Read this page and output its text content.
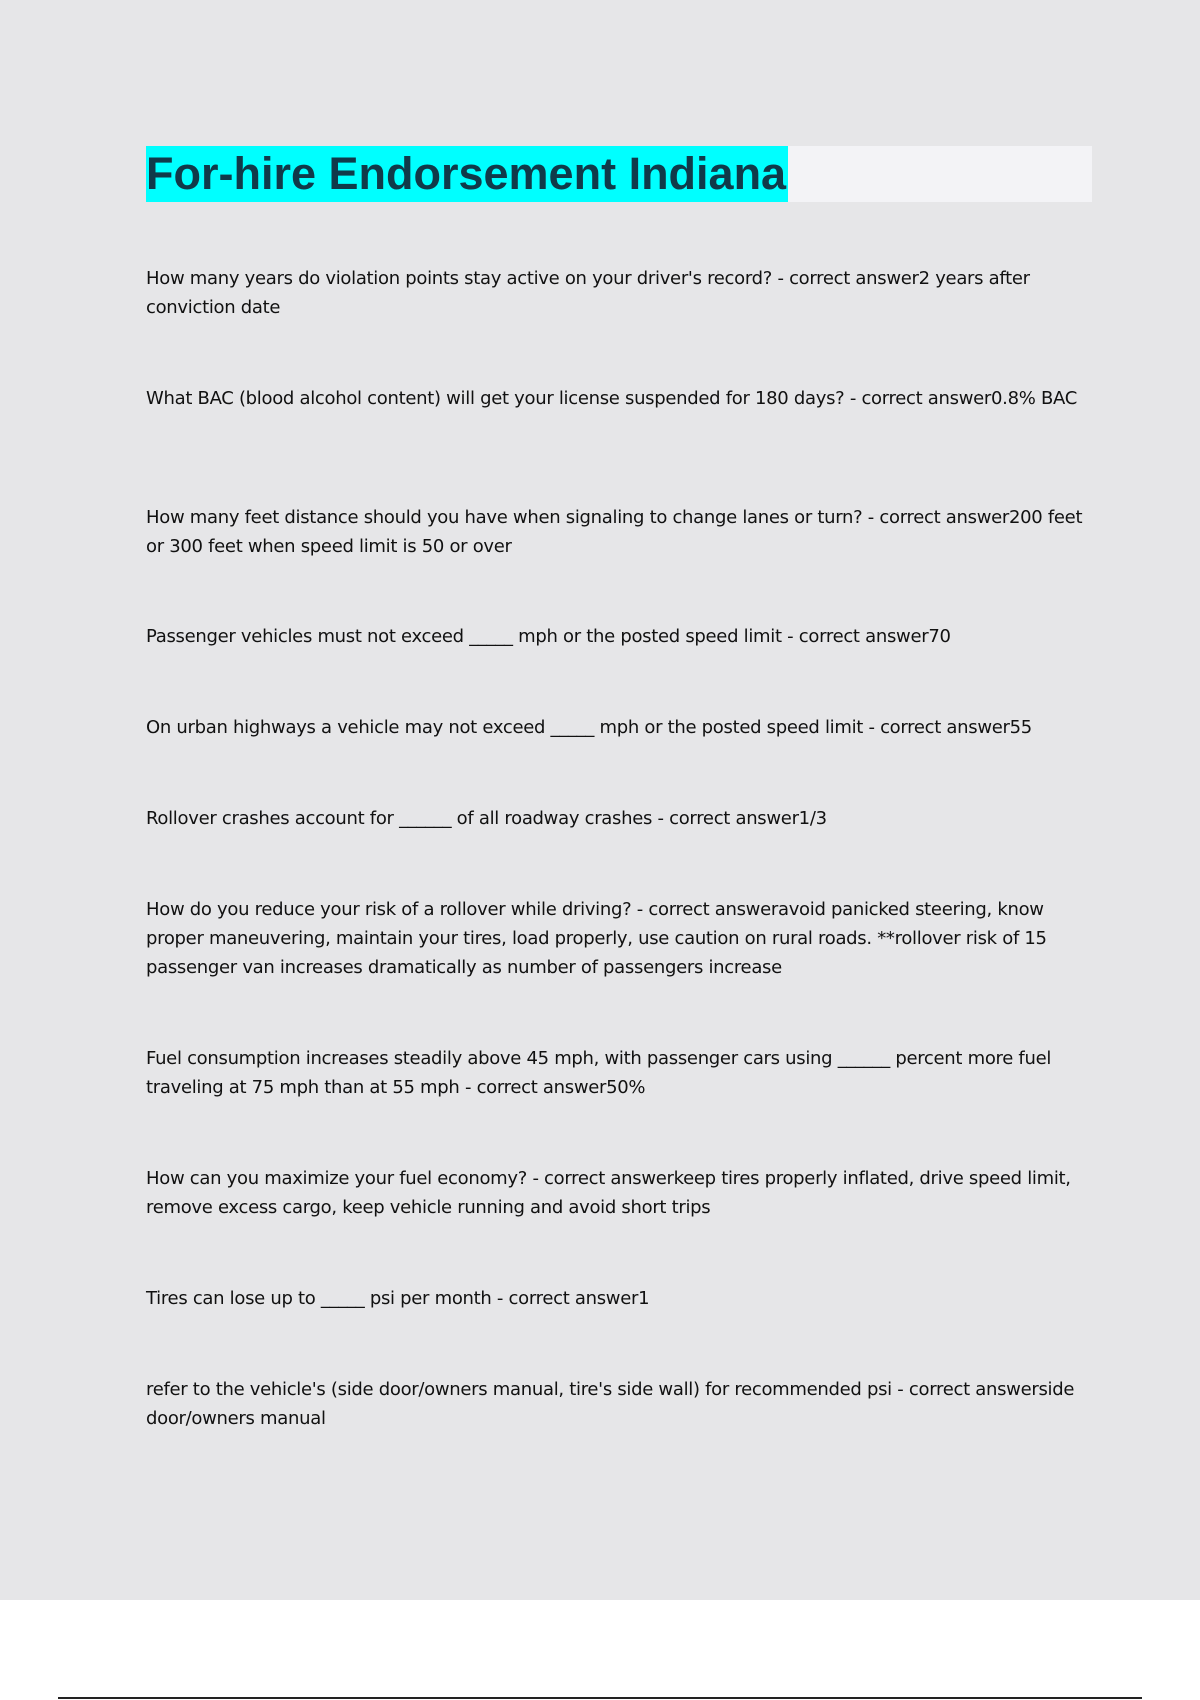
For-hire Endorsement Indiana

How many years do violation points stay active on your driver's record? - correct answer2 years after conviction date

What BAC (blood alcohol content) will get your license suspended for 180 days? - correct answer0.8% BAC

How many feet distance should you have when signaling to change lanes or turn? - correct answer200 feet or 300 feet when speed limit is 50 or over

Passenger vehicles must not exceed _____ mph or the posted speed limit - correct answer70

On urban highways a vehicle may not exceed _____ mph or the posted speed limit - correct answer55

Rollover crashes account for ______ of all roadway crashes - correct answer1/3

How do you reduce your risk of a rollover while driving? - correct answeravoid panicked steering, know proper maneuvering, maintain your tires, load properly, use caution on rural roads. **rollover risk of 15 passenger van increases dramatically as number of passengers increase

Fuel consumption increases steadily above 45 mph, with passenger cars using ______ percent more fuel traveling at 75 mph than at 55 mph - correct answer50%

How can you maximize your fuel economy? - correct answerkeep tires properly inflated, drive speed limit, remove excess cargo, keep vehicle running and avoid short trips

Tires can lose up to _____ psi per month - correct answer1

refer to the vehicle's (side door/owners manual, tire's side wall) for recommended psi - correct answerside door/owners manual
